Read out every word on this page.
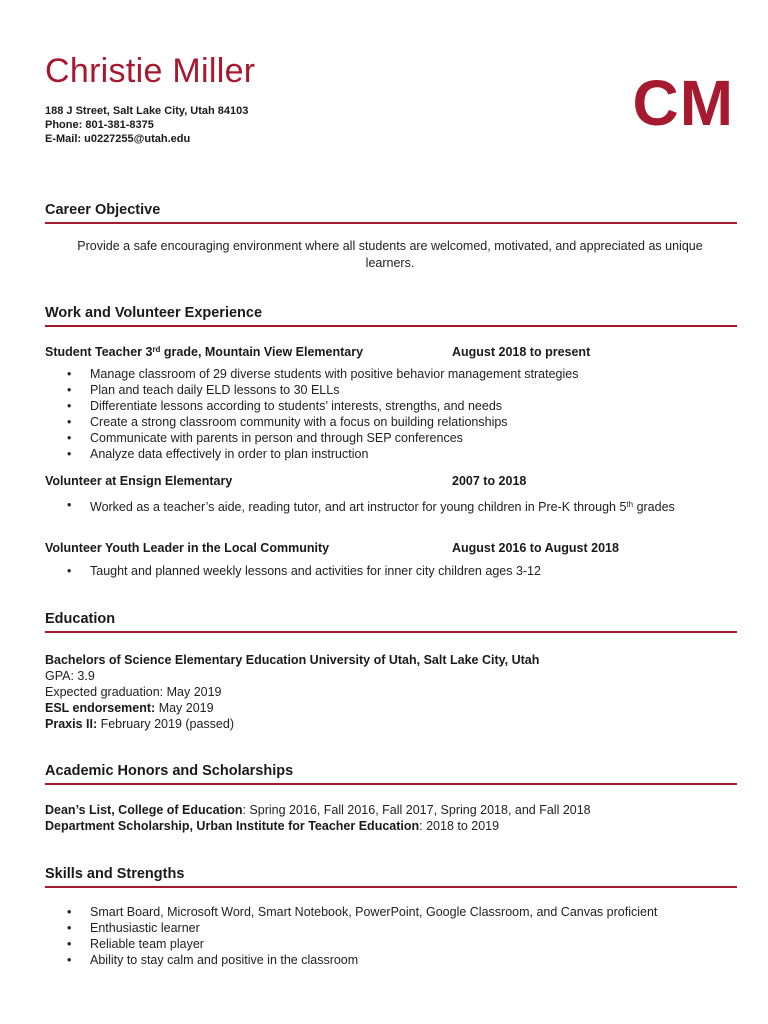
Christie Miller	CM
188 J Street, Salt Lake City, Utah 84103
Phone: 801-381-8375
E-Mail: u0227255@utah.edu
Career Objective
Provide a safe encouraging environment where all students are welcomed, motivated, and appreciated as unique learners.
Work and Volunteer Experience
Student Teacher 3rd grade, Mountain View Elementary	August 2018 to present
• Manage classroom of 29 diverse students with positive behavior management strategies
• Plan and teach daily ELD lessons to 30 ELLs
• Differentiate lessons according to students’ interests, strengths, and needs
• Create a strong classroom community with a focus on building relationships
• Communicate with parents in person and through SEP conferences
• Analyze data effectively in order to plan instruction
Volunteer at Ensign Elementary	2007 to 2018
• Worked as a teacher’s aide, reading tutor, and art instructor for young children in Pre-K through 5th grades
Volunteer Youth Leader in the Local Community	August 2016 to August 2018
• Taught and planned weekly lessons and activities for inner city children ages 3-12
Education
Bachelors of Science Elementary Education University of Utah, Salt Lake City, Utah
GPA: 3.9
Expected graduation: May 2019
ESL endorsement: May 2019
Praxis II: February 2019 (passed)
Academic Honors and Scholarships
Dean’s List, College of Education: Spring 2016, Fall 2016, Fall 2017, Spring 2018, and Fall 2018
Department Scholarship, Urban Institute for Teacher Education: 2018 to 2019
Skills and Strengths
• Smart Board, Microsoft Word, Smart Notebook, PowerPoint, Google Classroom, and Canvas proficient
• Enthusiastic learner
• Reliable team player
• Ability to stay calm and positive in the classroom
